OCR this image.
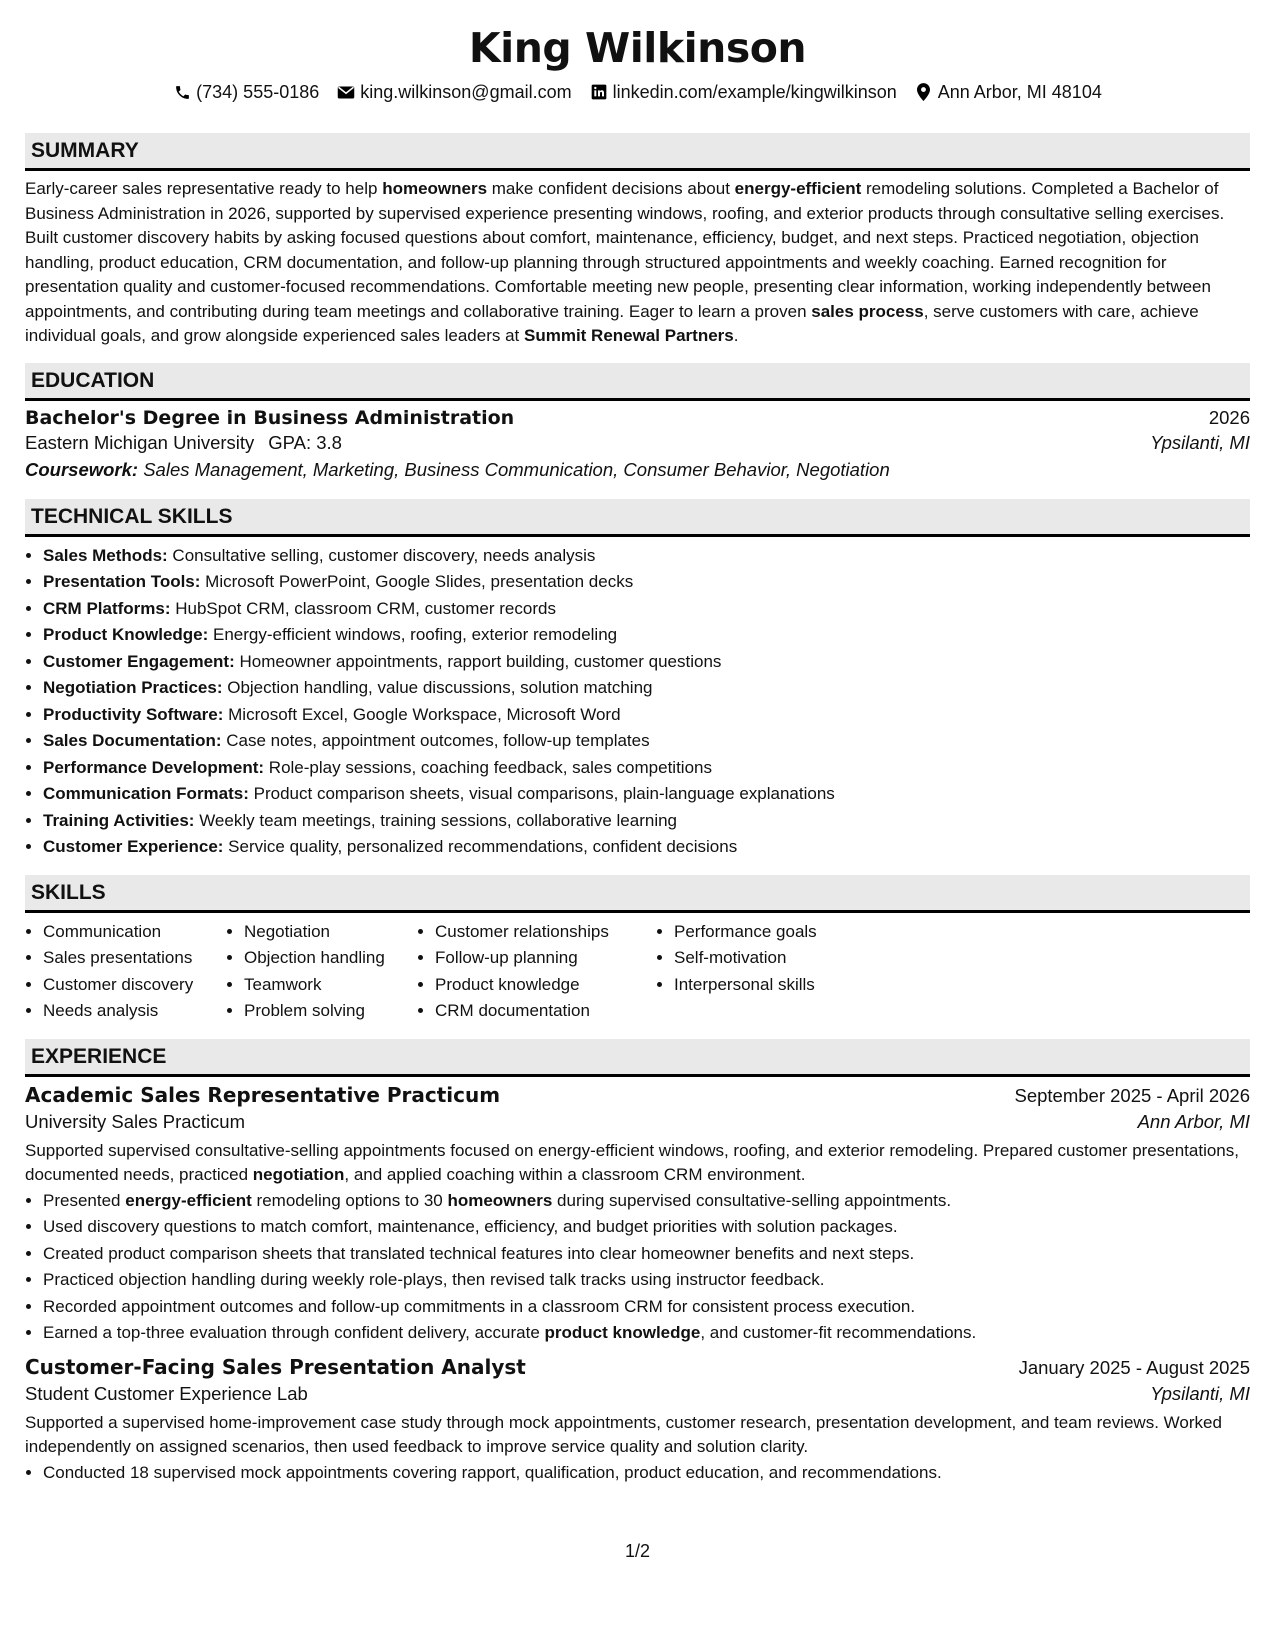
King Wilkinson
(734) 555-0186 king.wilkinson@gmail.com linkedin.com/example/kingwilkinson Ann Arbor, MI 48104
SUMMARY

Early-career sales representative ready to help homeowners make confident decisions about energy-efficient remodeling solutions. Completed a Bachelor of Business Administration in 2026, supported by supervised experience presenting windows, roofing, and exterior products through consultative selling exercises. Built customer discovery habits by asking focused questions about comfort, maintenance, efficiency, budget, and next steps. Practiced negotiation, objection handling, product education, CRM documentation, and follow-up planning through structured appointments and weekly coaching. Earned recognition for presentation quality and customer-focused recommendations. Comfortable meeting new people, presenting clear information, working independently between appointments, and contributing during team meetings and collaborative training. Eager to learn a proven sales process, serve customers with care, achieve individual goals, and grow alongside experienced sales leaders at Summit Renewal Partners.

EDUCATION
Bachelor's Degree in Business Administration	2026
Eastern Michigan University GPA: 3.8	Ypsilanti, MI
Coursework: Sales Management, Marketing, Business Communication, Consumer Behavior, Negotiation
TECHNICAL SKILLS
• Sales Methods: Consultative selling, customer discovery, needs analysis
• Presentation Tools: Microsoft PowerPoint, Google Slides, presentation decks
• CRM Platforms: HubSpot CRM, classroom CRM, customer records
• Product Knowledge: Energy-efficient windows, roofing, exterior remodeling
• Customer Engagement: Homeowner appointments, rapport building, customer questions
• Negotiation Practices: Objection handling, value discussions, solution matching
• Productivity Software: Microsoft Excel, Google Workspace, Microsoft Word
• Sales Documentation: Case notes, appointment outcomes, follow-up templates
• Performance Development: Role-play sessions, coaching feedback, sales competitions
• Communication Formats: Product comparison sheets, visual comparisons, plain-language explanations
• Training Activities: Weekly team meetings, training sessions, collaborative learning
• Customer Experience: Service quality, personalized recommendations, confident decisions
SKILLS
• Communication
• Sales presentations
• Customer discovery
• Needs analysis
• Negotiation
• Objection handling
• Teamwork
• Problem solving
• Customer relationships
• Follow-up planning
• Product knowledge
• CRM documentation
• Performance goals
• Self-motivation
• Interpersonal skills
EXPERIENCE
Academic Sales Representative Practicum	September 2025 - April 2026
University Sales Practicum	Ann Arbor, MI

Supported supervised consultative-selling appointments focused on energy-efficient windows, roofing, and exterior remodeling. Prepared customer presentations, documented needs, practiced negotiation, and applied coaching within a classroom CRM environment.

• Presented energy-efficient remodeling options to 30 homeowners during supervised consultative-selling appointments.
• Used discovery questions to match comfort, maintenance, efficiency, and budget priorities with solution packages.
• Created product comparison sheets that translated technical features into clear homeowner benefits and next steps.
• Practiced objection handling during weekly role-plays, then revised talk tracks using instructor feedback.
• Recorded appointment outcomes and follow-up commitments in a classroom CRM for consistent process execution.
• Earned a top-three evaluation through confident delivery, accurate product knowledge, and customer-fit recommendations.
Customer-Facing Sales Presentation Analyst	January 2025 - August 2025
Student Customer Experience Lab	Ypsilanti, MI

Supported a supervised home-improvement case study through mock appointments, customer research, presentation development, and team reviews. Worked independently on assigned scenarios, then used feedback to improve service quality and solution clarity.

• Conducted 18 supervised mock appointments covering rapport, qualification, product education, and recommendations.
1/2
